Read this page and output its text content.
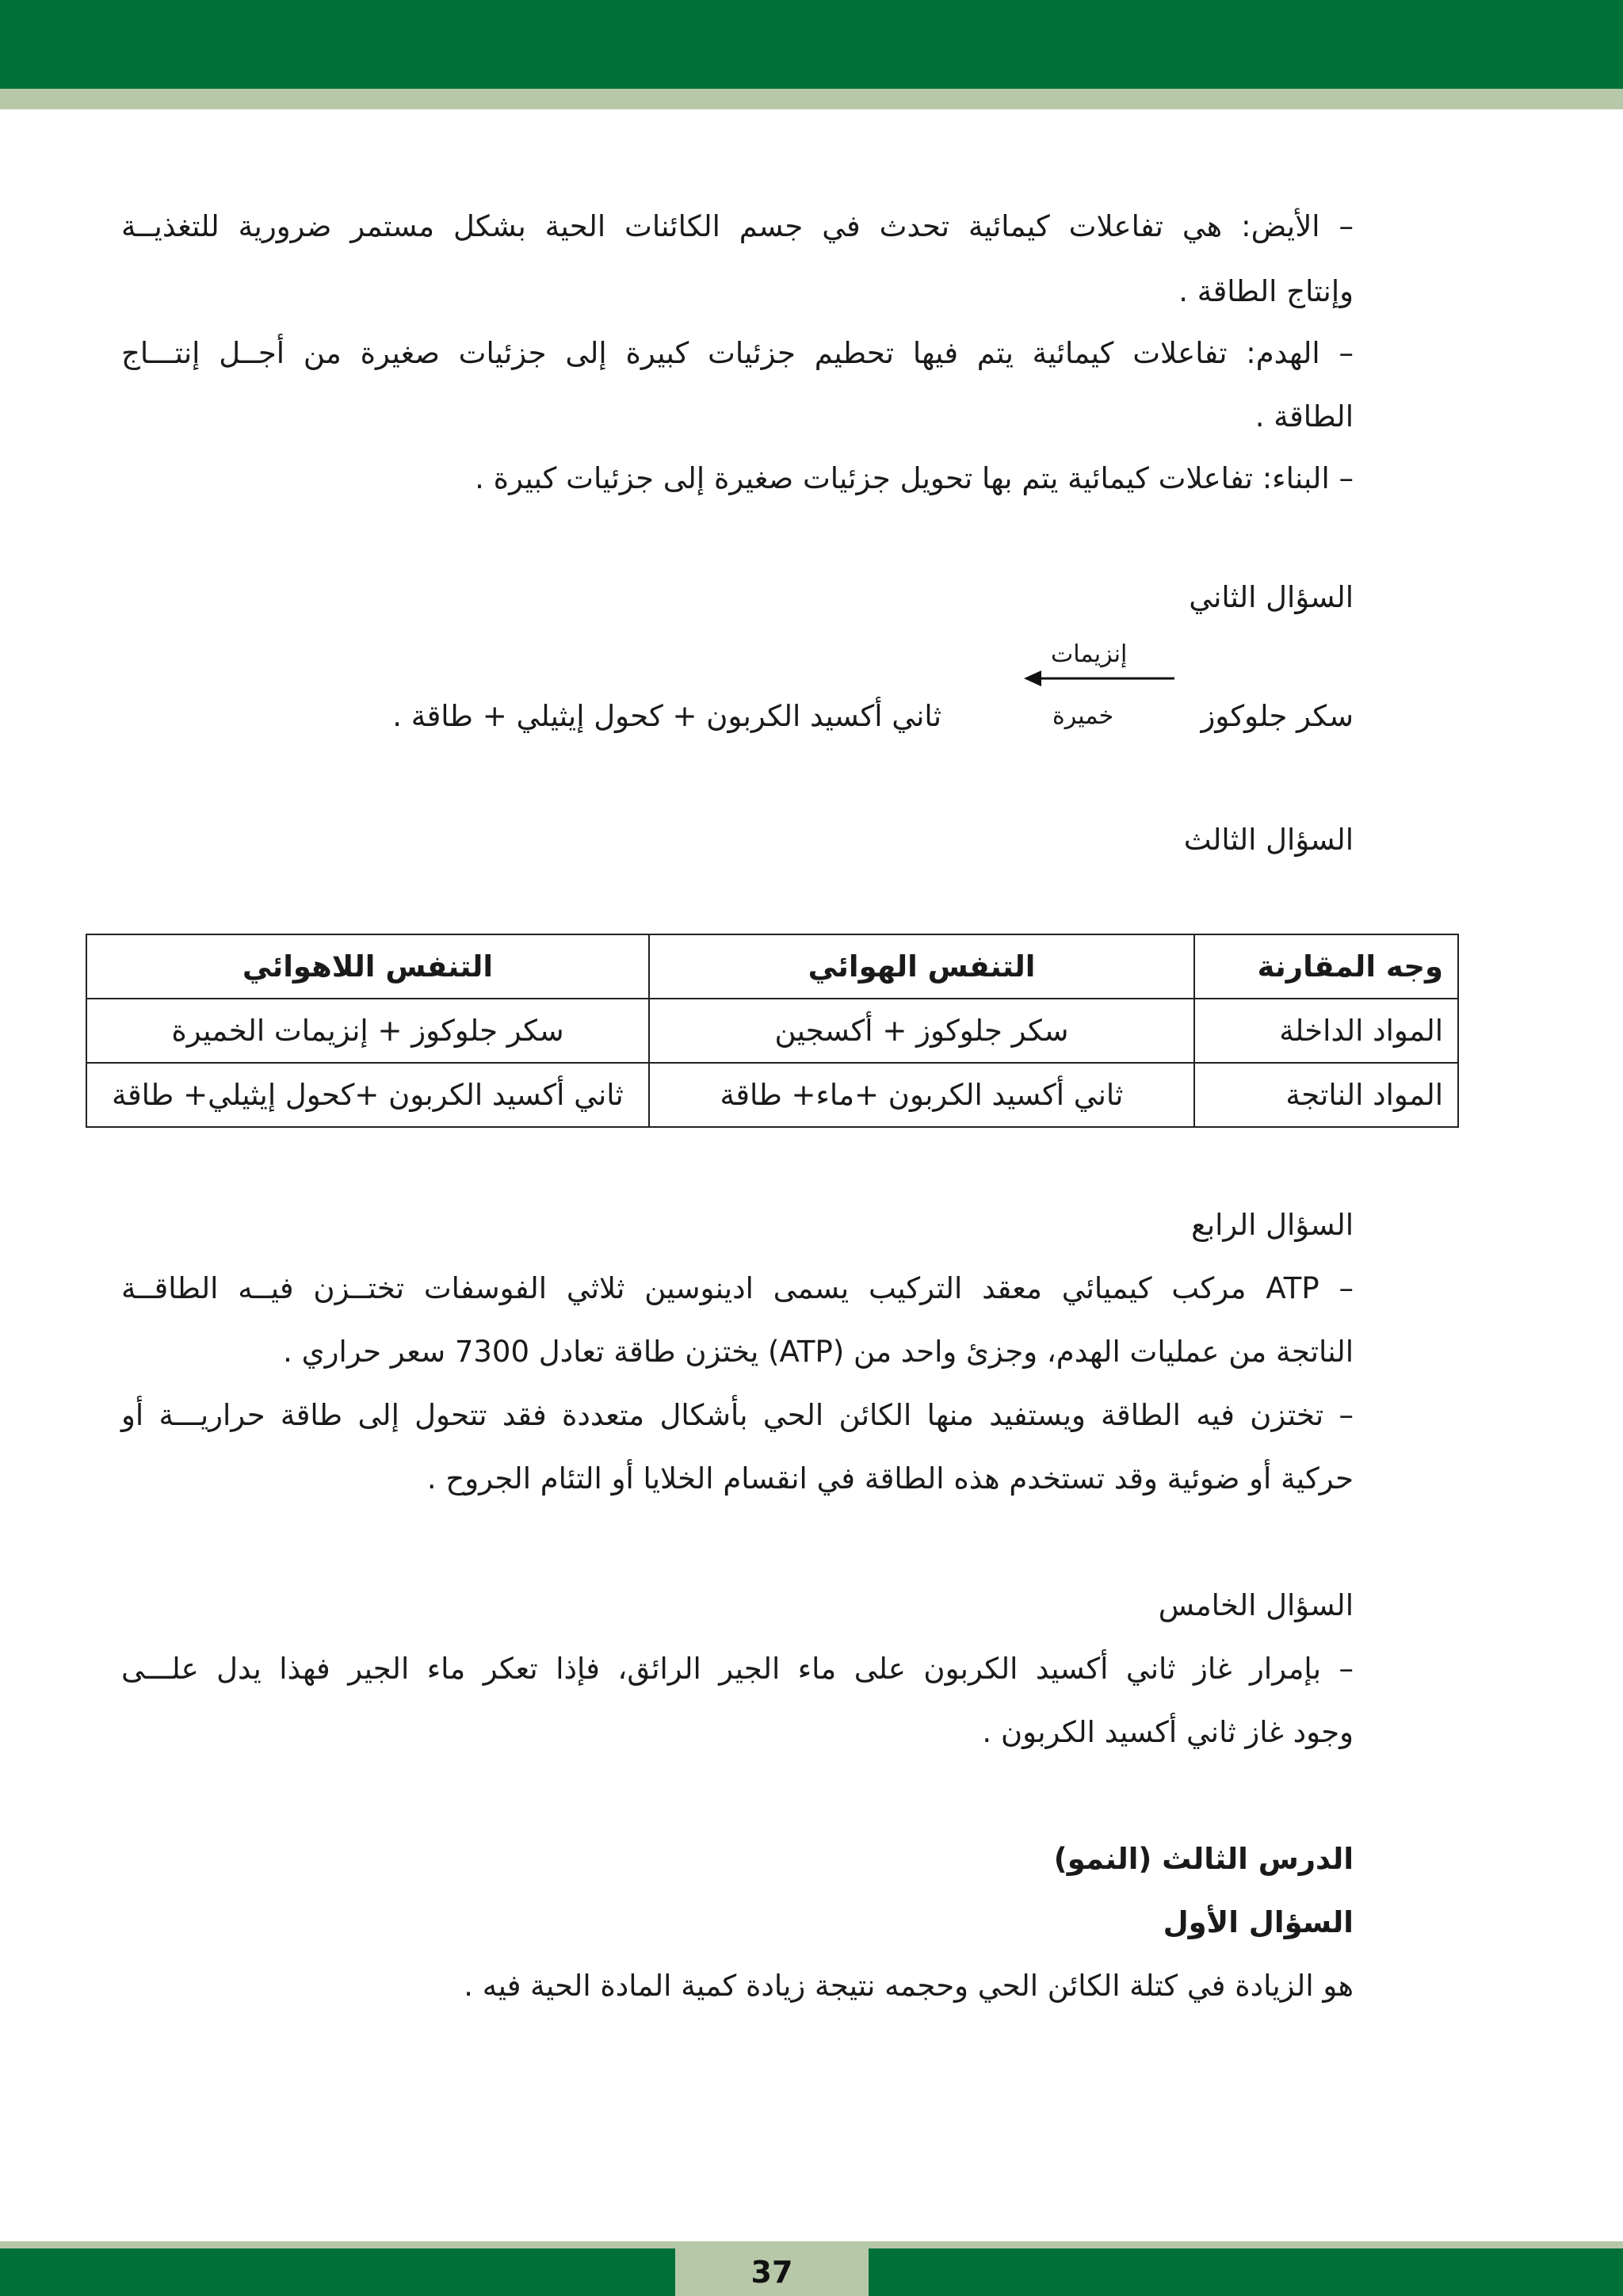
– الأيض: هي تفاعلات كيمائية تحدث في جسم الكائنات الحية بشكل مستمر ضرورية للتغذيــة
وإنتاج الطاقة .
– الهدم: تفاعلات كيمائية يتم فيها تحطيم جزئيات كبيرة إلى جزئيات صغيرة من أجــل إنتـــاج
الطاقة .
– البناء: تفاعلات كيمائية يتم بها تحويل جزئيات صغيرة إلى جزئيات كبيرة .
السؤال الثاني
سكر جلوكوز
إنزيمات
خميرة
ثاني أكسيد الكربون + كحول إيثيلي + طاقة .
السؤال الثالث
وجه المقارنة	التنفس الهوائي	التنفس اللاهوائي
المواد الداخلة	سكر جلوكوز + أكسجين	سكر جلوكوز + إنزيمات الخميرة
المواد الناتجة	ثاني أكسيد الكربون +ماء+ طاقة	ثاني أكسيد الكربون +كحول إيثيلي+ طاقة
السؤال الرابع
– ATP مركب كيميائي معقد التركيب يسمى ادينوسين ثلاثي الفوسفات تختــزن فيــه الطاقــة
الناتجة من عمليات الهدم، وجزئ واحد من (ATP) يختزن طاقة تعادل 7300 سعر حراري .
– تختزن فيه الطاقة ويستفيد منها الكائن الحي بأشكال متعددة فقد تتحول إلى طاقة حراريـــة أو
حركية أو ضوئية وقد تستخدم هذه الطاقة في انقسام الخلايا أو التئام الجروح .
السؤال الخامس
– بإمرار غاز ثاني أكسيد الكربون على ماء الجير الرائق، فإذا تعكر ماء الجير فهذا يدل علـــى
وجود غاز ثاني أكسيد الكربون .
الدرس الثالث (النمو)
السؤال الأول
هو الزيادة في كتلة الكائن الحي وحجمه نتيجة زيادة كمية المادة الحية فيه .
37
